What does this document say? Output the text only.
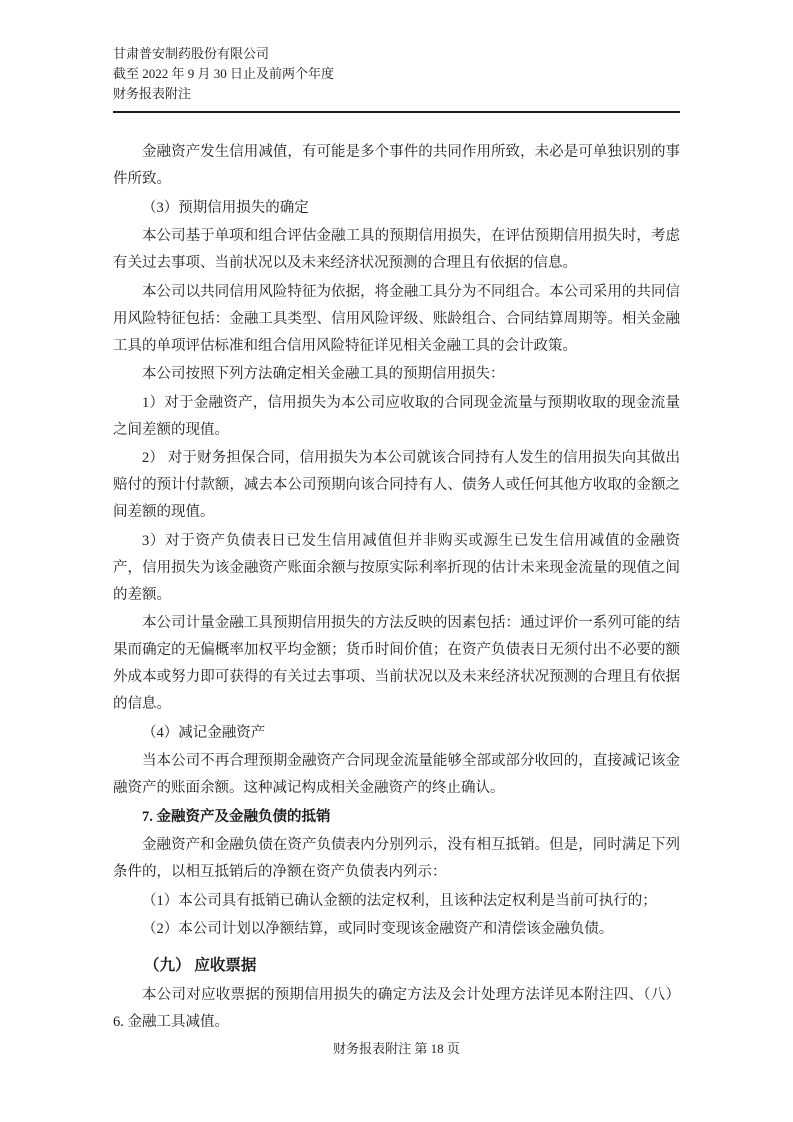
甘肃普安制药股份有限公司
截至 2022 年 9 月 30 日止及前两个年度
财务报表附注

金融资产发生信用减值，有可能是多个事件的共同作用所致，未必是可单独识别的事件所致。

（3）预期信用损失的确定

本公司基于单项和组合评估金融工具的预期信用损失，在评估预期信用损失时，考虑有关过去事项、当前状况以及未来经济状况预测的合理且有依据的信息。

本公司以共同信用风险特征为依据，将金融工具分为不同组合。本公司采用的共同信用风险特征包括：金融工具类型、信用风险评级、账龄组合、合同结算周期等。相关金融工具的单项评估标准和组合信用风险特征详见相关金融工具的会计政策。

本公司按照下列方法确定相关金融工具的预期信用损失：

1）对于金融资产，信用损失为本公司应收取的合同现金流量与预期收取的现金流量之间差额的现值。

2） 对于财务担保合同，信用损失为本公司就该合同持有人发生的信用损失向其做出赔付的预计付款额，减去本公司预期向该合同持有人、债务人或任何其他方收取的金额之间差额的现值。

3）对于资产负债表日已发生信用减值但并非购买或源生已发生信用减值的金融资产，信用损失为该金融资产账面余额与按原实际利率折现的估计未来现金流量的现值之间的差额。

本公司计量金融工具预期信用损失的方法反映的因素包括：通过评价一系列可能的结果而确定的无偏概率加权平均金额；货币时间价值；在资产负债表日无须付出不必要的额外成本或努力即可获得的有关过去事项、当前状况以及未来经济状况预测的合理且有依据的信息。

（4）减记金融资产

当本公司不再合理预期金融资产合同现金流量能够全部或部分收回的，直接减记该金融资产的账面余额。这种减记构成相关金融资产的终止确认。

7. 金融资产及金融负债的抵销

金融资产和金融负债在资产负债表内分别列示，没有相互抵销。但是，同时满足下列条件的，以相互抵销后的净额在资产负债表内列示：

（1）本公司具有抵销已确认金额的法定权利，且该种法定权利是当前可执行的；

（2）本公司计划以净额结算，或同时变现该金融资产和清偿该金融负债。

（九） 应收票据

本公司对应收票据的预期信用损失的确定方法及会计处理方法详见本附注四、（八）6. 金融工具减值。

财务报表附注 第 18 页
